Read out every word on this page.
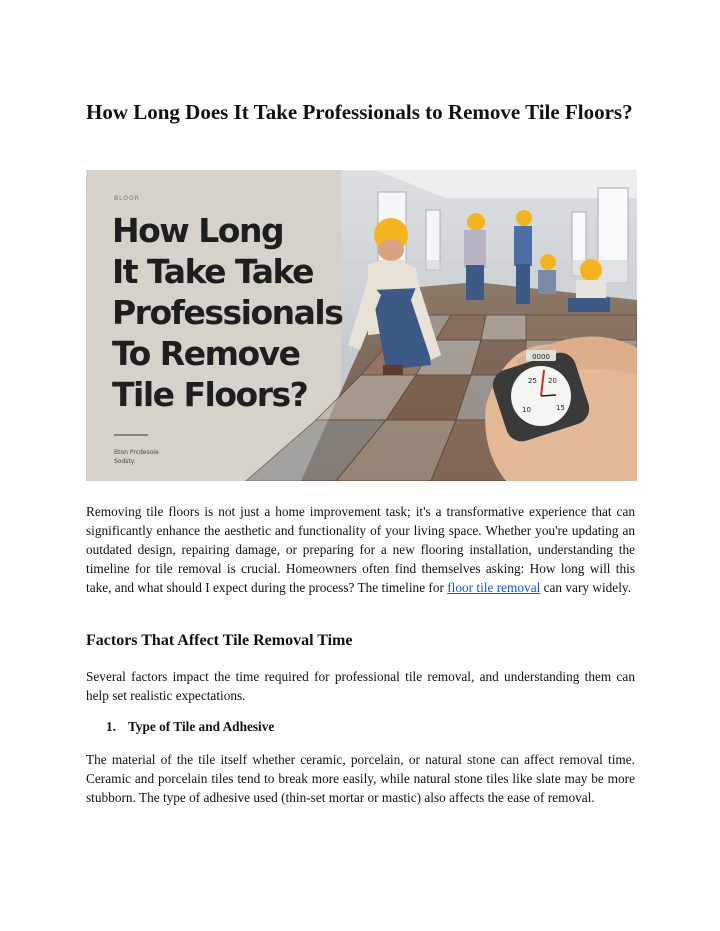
How Long Does It Take Professionals to Remove Tile Floors?
0000
25 20
15
10
BLOOR
How Long
It Take Take
Professionals
To Remove
Tile Floors?
Bton Prcdesoie
Sodsty.

Removing tile floors is not just a home improvement task; it's a transformative experience that can significantly enhance the aesthetic and functionality of your living space. Whether you're updating an outdated design, repairing damage, or preparing for a new flooring installation, understanding the timeline for tile removal is crucial. Homeowners often find themselves asking: How long will this take, and what should I expect during the process? The timeline for floor tile removal can vary widely.

Factors That Affect Tile Removal Time

Several factors impact the time required for professional tile removal, and understanding them can help set realistic expectations.

1. Type of Tile and Adhesive

The material of the tile itself whether ceramic, porcelain, or natural stone can affect removal time. Ceramic and porcelain tiles tend to break more easily, while natural stone tiles like slate may be more stubborn. The type of adhesive used (thin-set mortar or mastic) also affects the ease of removal.
